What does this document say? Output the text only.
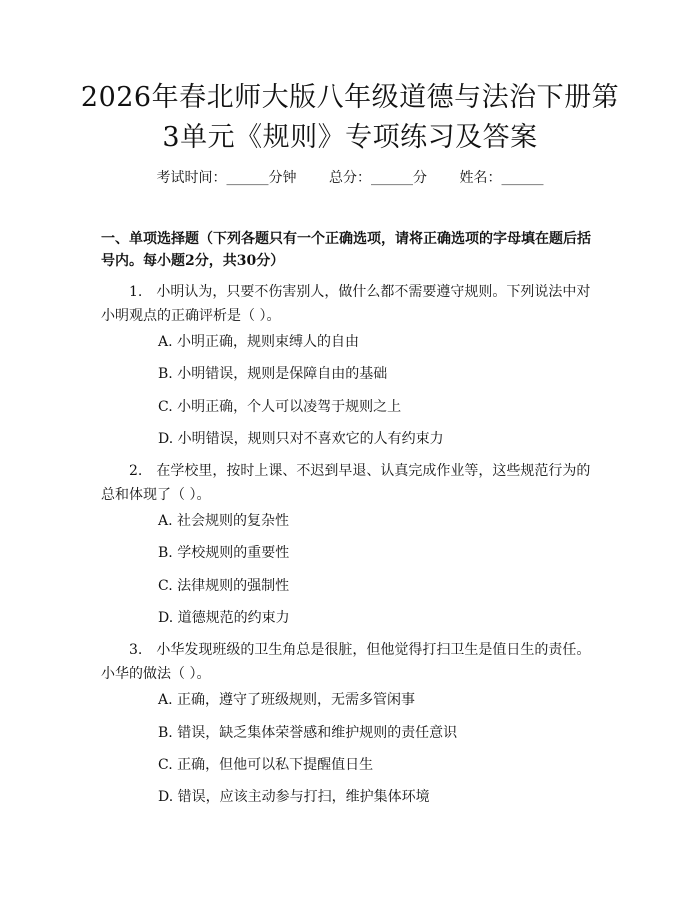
2026年春北师大版八年级道德与法治下册第3单元《规则》专项练习及答案
考试时间：______分钟 总分：______分 姓名：______
一、单项选择题（下列各题只有一个正确选项，请将正确选项的字母填在题后括号内。每小题2分，共30分）
1.　小明认为，只要不伤害别人，做什么都不需要遵守规则。下列说法中对小明观点的正确评析是（ ）。
A. 小明正确，规则束缚人的自由
B. 小明错误，规则是保障自由的基础
C. 小明正确，个人可以凌驾于规则之上
D. 小明错误，规则只对不喜欢它的人有约束力
2.　在学校里，按时上课、不迟到早退、认真完成作业等，这些规范行为的总和体现了（ ）。
A. 社会规则的复杂性
B. 学校规则的重要性
C. 法律规则的强制性
D. 道德规范的约束力
3.　小华发现班级的卫生角总是很脏，但他觉得打扫卫生是值日生的责任。小华的做法（ ）。
A. 正确，遵守了班级规则，无需多管闲事
B. 错误，缺乏集体荣誉感和维护规则的责任意识
C. 正确，但他可以私下提醒值日生
D. 错误，应该主动参与打扫，维护集体环境
